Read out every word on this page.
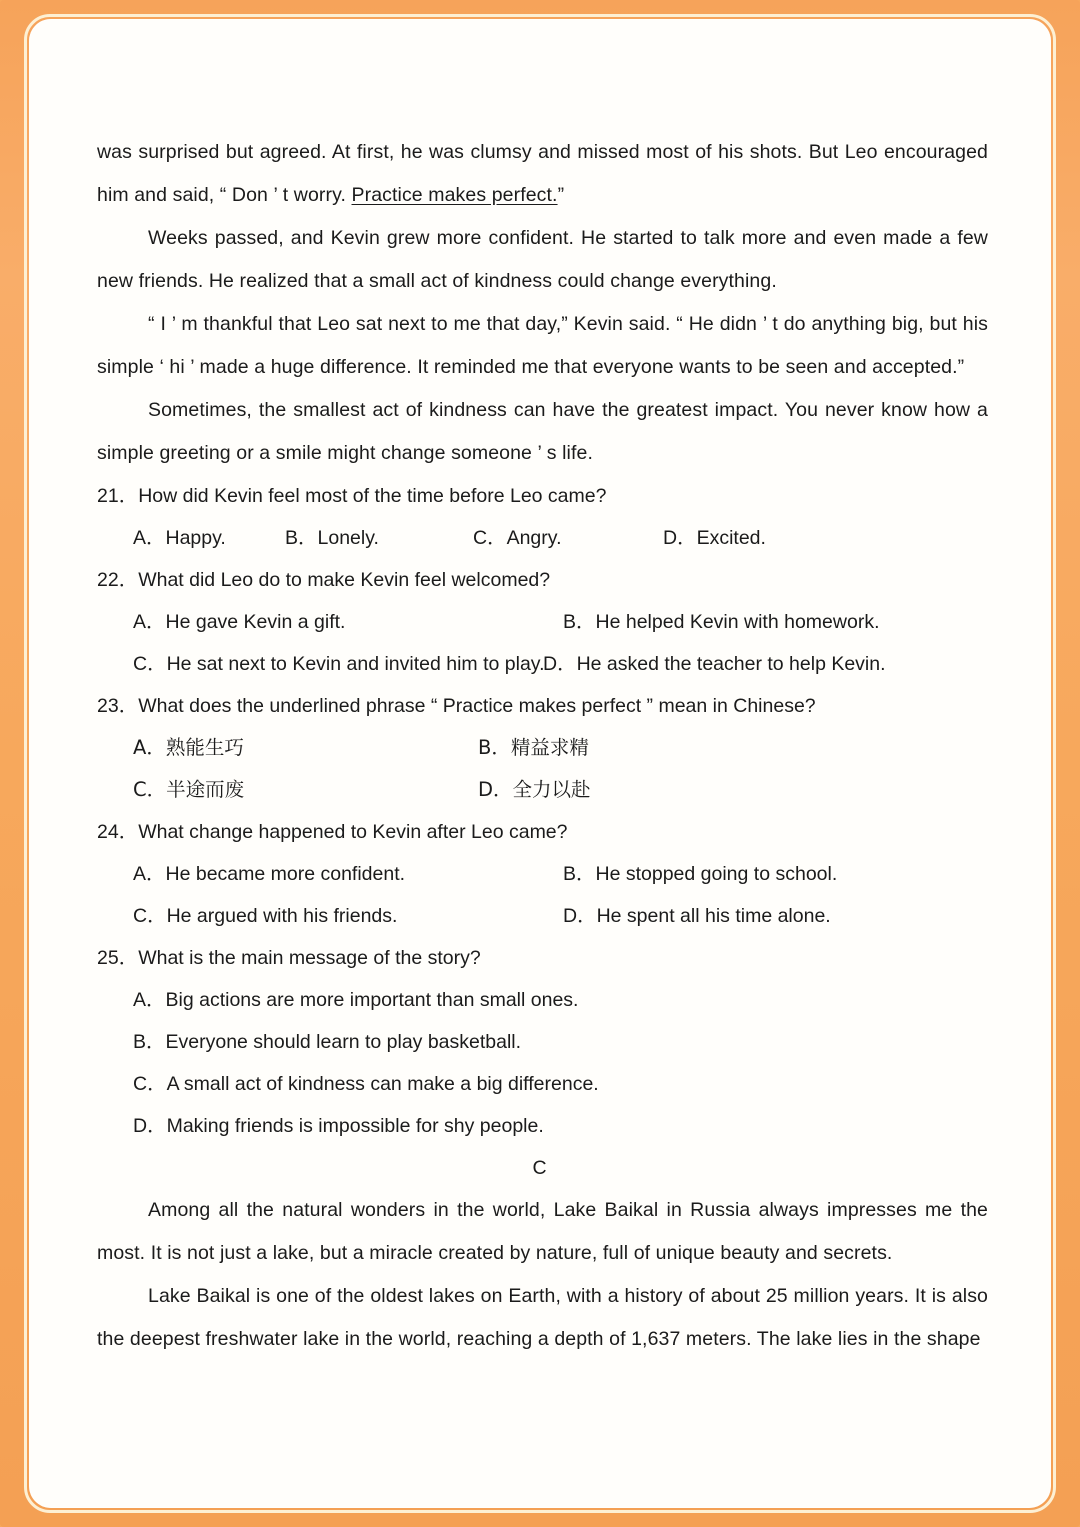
was surprised but agreed. At first, he was clumsy and missed most of his shots. But Leo encouraged him and said, “ Don ’ t worry. Practice makes perfect.”

Weeks passed, and Kevin grew more confident. He started to talk more and even made a few new friends. He realized that a small act of kindness could change everything.

“ I ’ m thankful that Leo sat next to me that day,” Kevin said. “ He didn ’ t do anything big, but his simple ‘ hi ’ made a huge difference. It reminded me that everyone wants to be seen and accepted.”

Sometimes, the smallest act of kindness can have the greatest impact. You never know how a simple greeting or a smile might change someone ’ s life.

21．How did Kevin feel most of the time before Leo came?

A．Happy.	B．Lonely.	C．Angry.	D．Excited.

22．What did Leo do to make Kevin feel welcomed?

A．He gave Kevin a gift.	B．He helped Kevin with homework.

C．He sat next to Kevin and invited him to play.D．He asked the teacher to help Kevin.

23．What does the underlined phrase “ Practice makes perfect ” mean in Chinese?

A．熟能生巧	B．精益求精

C．半途而废	D．全力以赴

24．What change happened to Kevin after Leo came?

A．He became more confident.	B．He stopped going to school.

C．He argued with his friends.	D．He spent all his time alone.

25．What is the main message of the story?

A．Big actions are more important than small ones.
B．Everyone should learn to play basketball.
C．A small act of kindness can make a big difference.
D．Making friends is impossible for shy people.

C

Among all the natural wonders in the world, Lake Baikal in Russia always impresses me the most. It is not just a lake, but a miracle created by nature, full of unique beauty and secrets.

Lake Baikal is one of the oldest lakes on Earth, with a history of about 25 million years. It is also the deepest freshwater lake in the world, reaching a depth of 1,637 meters. The lake lies in the shape
